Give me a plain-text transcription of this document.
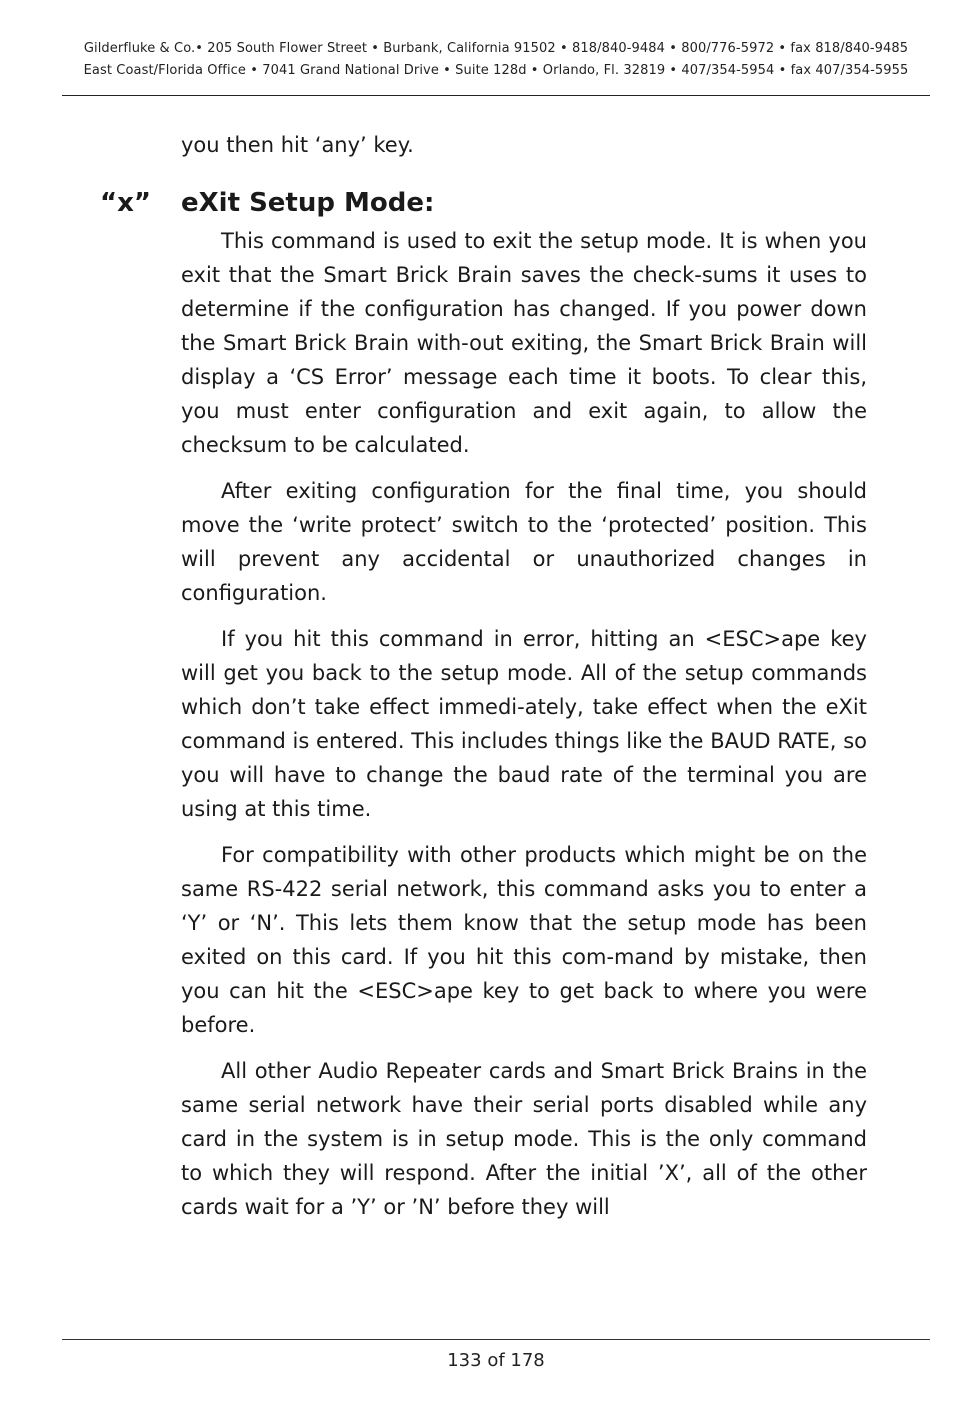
Gilderfluke & Co.• 205 South Flower Street • Burbank, California 91502 • 818/840-9484 • 800/776-5972 • fax 818/840-9485
East Coast/Florida Office • 7041 Grand National Drive • Suite 128d • Orlando, Fl. 32819 • 407/354-5954 • fax 407/354-5955
you then hit ‘any’ key.
“x” eXit Setup Mode:

This command is used to exit the setup mode. It is when you exit that the Smart Brick Brain saves the check-sums it uses to determine if the configuration has changed. If you power down the Smart Brick Brain with-out exiting, the Smart Brick Brain will display a ‘CS Error’ message each time it boots. To clear this, you must enter configuration and exit again, to allow the checksum to be calculated.

After exiting configuration for the final time, you should move the ‘write protect’ switch to the ‘protected’ position. This will prevent any accidental or unauthorized changes in configuration.

If you hit this command in error, hitting an <ESC>ape key will get you back to the setup mode. All of the setup commands which don’t take effect immedi-ately, take effect when the eXit command is entered. This includes things like the BAUD RATE, so you will have to change the baud rate of the terminal you are using at this time.

For compatibility with other products which might be on the same RS-422 serial network, this command asks you to enter a ‘Y’ or ‘N’. This lets them know that the setup mode has been exited on this card. If you hit this com-mand by mistake, then you can hit the <ESC>ape key to get back to where you were before.

All other Audio Repeater cards and Smart Brick Brains in the same serial network have their serial ports disabled while any card in the system is in setup mode. This is the only command to which they will respond. After the initial ’X’, all of the other cards wait for a ’Y’ or ’N’ before they will

133 of 178
